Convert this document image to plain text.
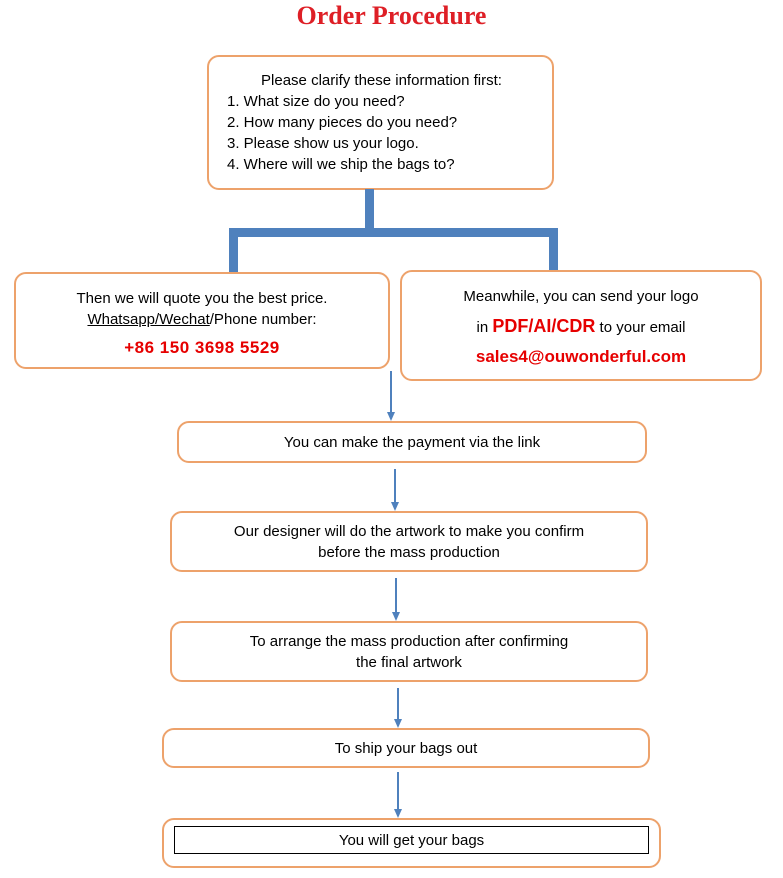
Order Procedure
Please clarify these information first:
1. What size do you need?
2. How many pieces do you need?
3. Please show us your logo.
4. Where will we ship the bags to?
Then we will quote you the best price.
Whatsapp/Wechat/Phone number:
+86 150 3698 5529
Meanwhile, you can send your logo
in PDF/AI/CDR to your email
sales4@ouwonderful.com
You can make the payment via the link
Our designer will do the artwork to make you confirm
before the mass production
To arrange the mass production after confirming
the final artwork
To ship your bags out
You will get your bags
